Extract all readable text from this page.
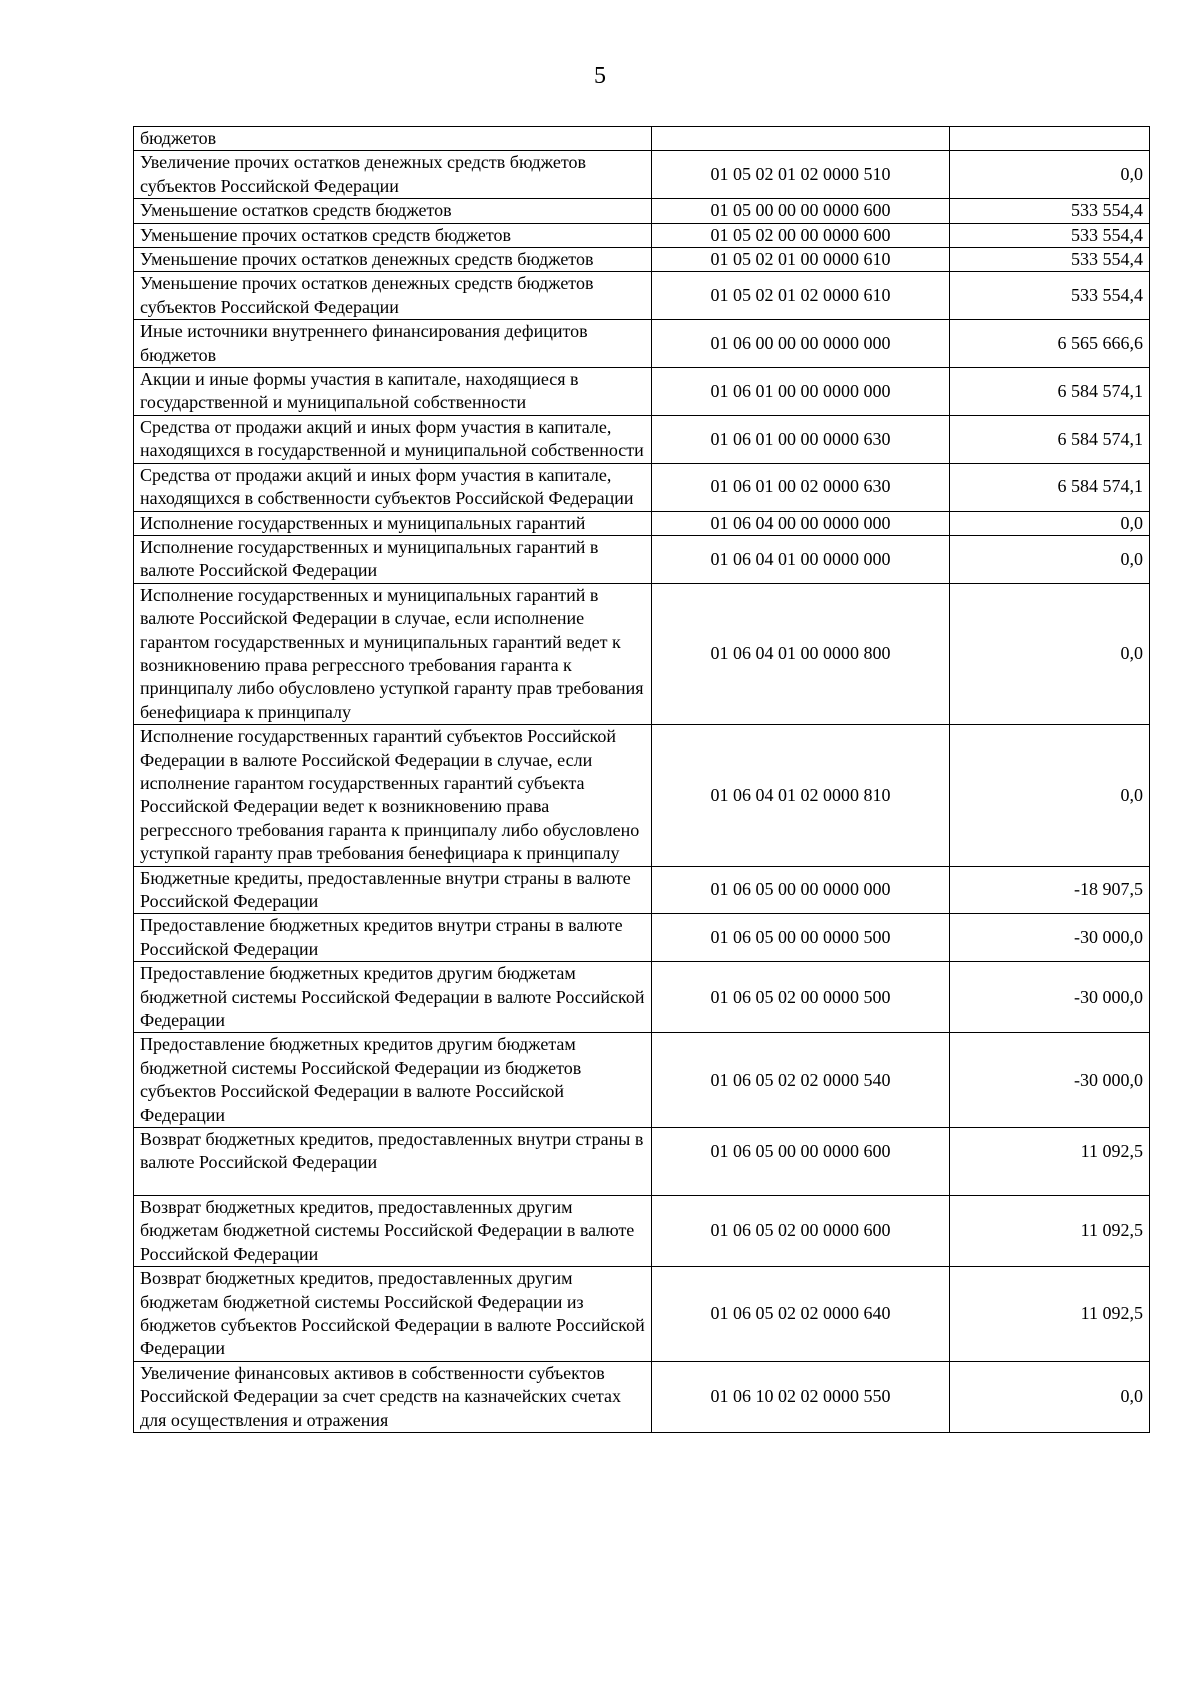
5
бюджетов		
Увеличение прочих остатков денежных средств бюджетов субъектов Российской Федерации	01 05 02 01 02 0000 510	0,0
Уменьшение остатков средств бюджетов	01 05 00 00 00 0000 600	533 554,4
Уменьшение прочих остатков средств бюджетов	01 05 02 00 00 0000 600	533 554,4
Уменьшение прочих остатков денежных средств бюджетов	01 05 02 01 00 0000 610	533 554,4
Уменьшение прочих остатков денежных средств бюджетов субъектов Российской Федерации	01 05 02 01 02 0000 610	533 554,4
Иные источники внутреннего финансирования дефицитов бюджетов	01 06 00 00 00 0000 000	6 565 666,6
Акции и иные формы участия в капитале, находящиеся в государственной и муниципальной собственности	01 06 01 00 00 0000 000	6 584 574,1
Средства от продажи акций и иных форм участия в капитале, находящихся в государственной и муниципальной собственности	01 06 01 00 00 0000 630	6 584 574,1
Средства от продажи акций и иных форм участия в капитале, находящихся в собственности субъектов Российской Федерации	01 06 01 00 02 0000 630	6 584 574,1
Исполнение государственных и муниципальных гарантий	01 06 04 00 00 0000 000	0,0
Исполнение государственных и муниципальных гарантий в валюте Российской Федерации	01 06 04 01 00 0000 000	0,0
Исполнение государственных и муниципальных гарантий в валюте Российской Федерации в случае, если исполнение гарантом государственных и муниципальных гарантий ведет к возникновению права регрессного требования гаранта к принципалу либо обусловлено уступкой гаранту прав требования бенефициара к принципалу	01 06 04 01 00 0000 800	0,0
Исполнение государственных гарантий субъектов Российской Федерации в валюте Российской Федерации в случае, если исполнение гарантом государственных гарантий субъекта Российской Федерации ведет к возникновению права регрессного требования гаранта к принципалу либо обусловлено уступкой гаранту прав требования бенефициара к принципалу	01 06 04 01 02 0000 810	0,0
Бюджетные кредиты, предоставленные внутри страны в валюте Российской Федерации	01 06 05 00 00 0000 000	-18 907,5
Предоставление бюджетных кредитов внутри страны в валюте Российской Федерации	01 06 05 00 00 0000 500	-30 000,0
Предоставление бюджетных кредитов другим бюджетам бюджетной системы Российской Федерации в валюте Российской Федерации	01 06 05 02 00 0000 500	-30 000,0
Предоставление бюджетных кредитов другим бюджетам бюджетной системы Российской Федерации из бюджетов субъектов Российской Федерации в валюте Российской Федерации	01 06 05 02 02 0000 540	-30 000,0
Возврат бюджетных кредитов, предоставленных внутри страны в валюте Российской Федерации	01 06 05 00 00 0000 600	11 092,5
Возврат бюджетных кредитов, предоставленных другим бюджетам бюджетной системы Российской Федерации в валюте Российской Федерации	01 06 05 02 00 0000 600	11 092,5
Возврат бюджетных кредитов, предоставленных другим бюджетам бюджетной системы Российской Федерации из бюджетов субъектов Российской Федерации в валюте Российской Федерации	01 06 05 02 02 0000 640	11 092,5
Увеличение финансовых активов в собственности субъектов Российской Федерации за счет средств на казначейских счетах для осуществления и отражения	01 06 10 02 02 0000 550	0,0
